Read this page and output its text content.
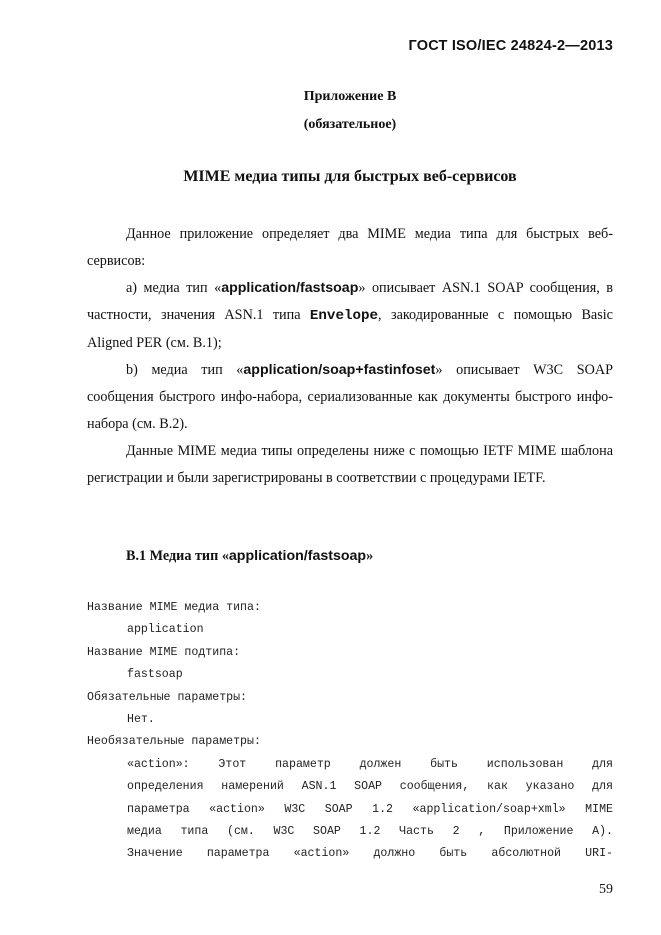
ГОСТ ISO/IEC 24824-2—2013
Приложение В
(обязательное)
MIME медиа типы для быстрых веб-сервисов

Данное приложение определяет два MIME медиа типа для быстрых веб-сервисов:

a) медиа тип «application/fastsoap» описывает ASN.1 SOAP сообщения, в частности, значения ASN.1 типа Envelope, закодированные с помощью Basic Aligned PER (см. В.1);

b) медиа тип «application/soap+fastinfoset» описывает W3C SOAP сообщения быстрого инфо-набора, сериализованные как документы быстрого инфо-набора (см. В.2).

Данные MIME медиа типы определены ниже с помощью IETF MIME шаблона регистрации и были зарегистрированы в соответствии с процедурами IETF.

В.1 Медиа тип «application/fastsoap»
Название MIME медиа типа:
application
Название MIME подтипа:
fastsoap
Обязательные параметры:
Нет.
Необязательные параметры:
«action»: Этот параметр должен быть использован для
определения намерений ASN.1 SOAP сообщения, как указано для
параметра «action» W3C SOAP 1.2 «application/soap+xml» MIME
медиа типа (см. W3C SOAP 1.2 Часть 2 , Приложение A).
Значение параметра «action» должно быть абсолютной URI-
59
